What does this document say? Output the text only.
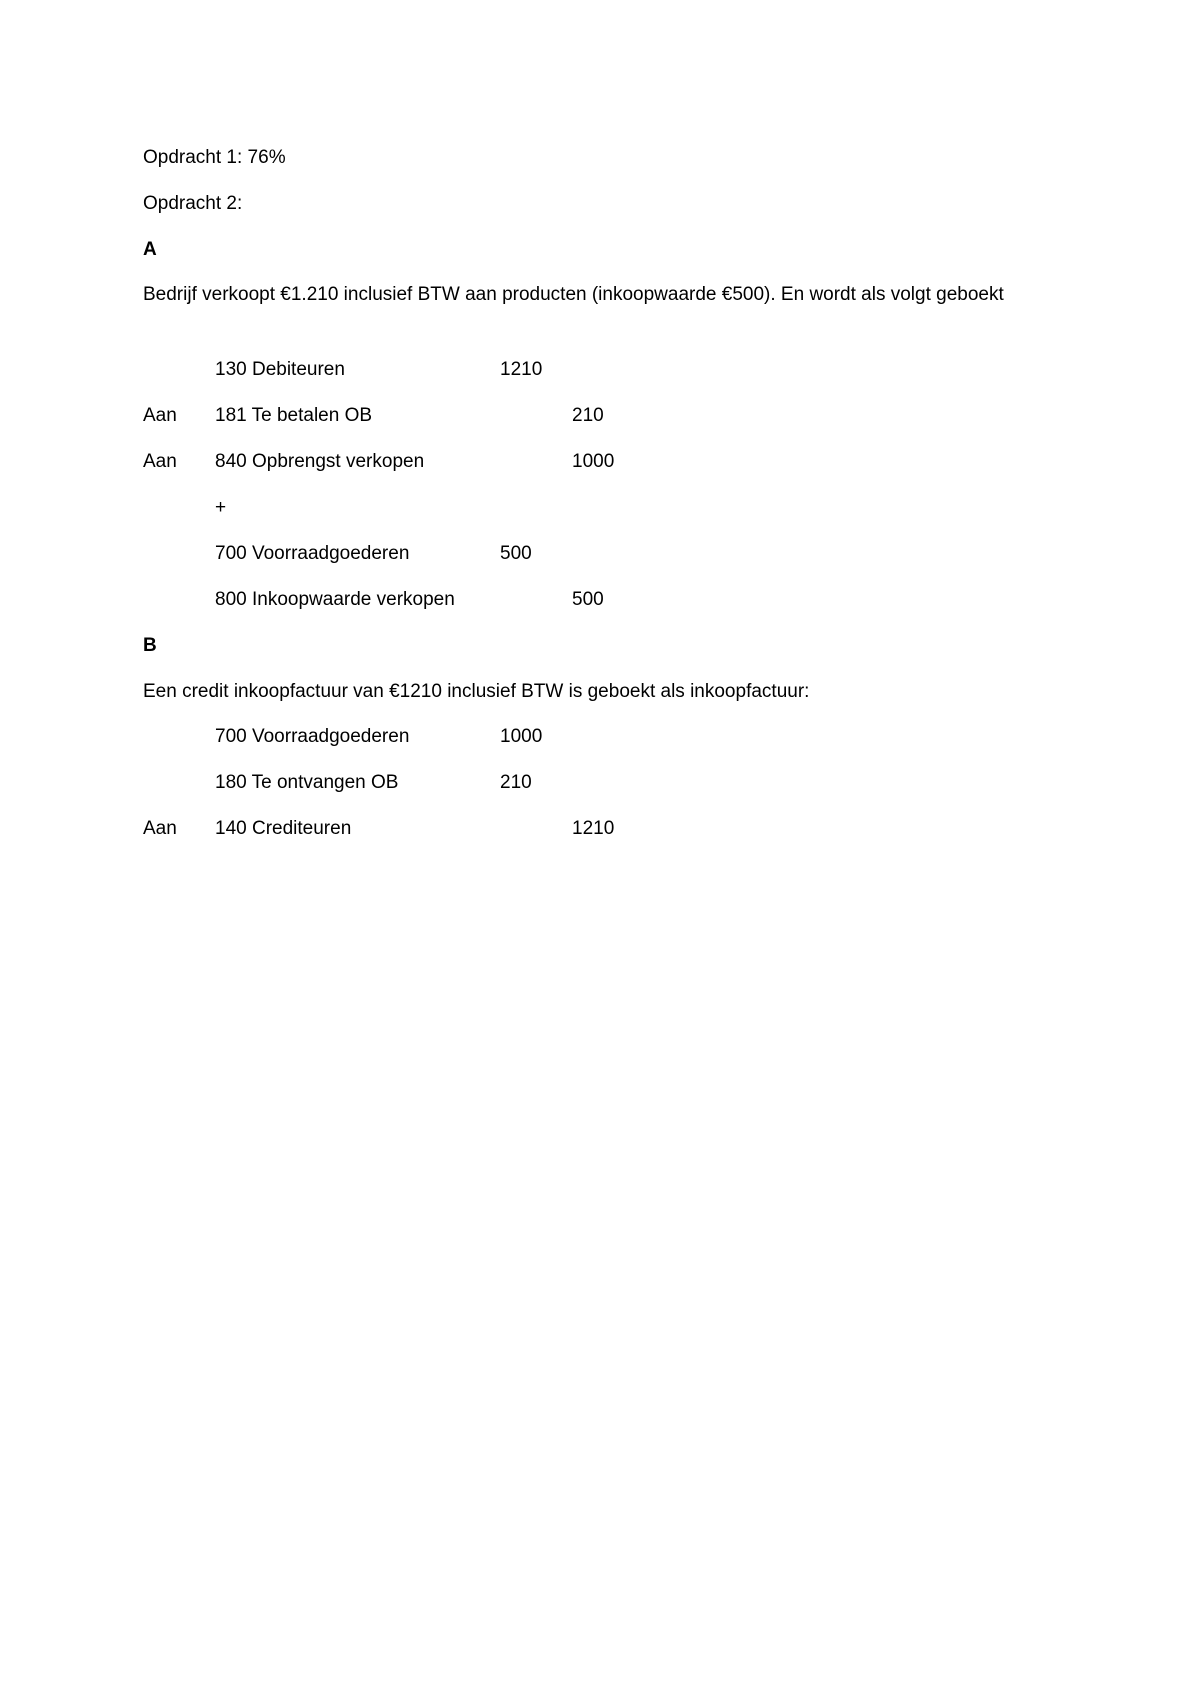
Opdracht 1: 76%
Opdracht 2:
A
Bedrijf verkoopt €1.210 inclusief BTW aan producten (inkoopwaarde €500). En wordt als volgt geboekt
130 Debiteuren	1210
Aan 181 Te betalen OB	210
Aan 840 Opbrengst verkopen	1000
+
700 Voorraadgoederen	500
800 Inkoopwaarde verkopen	500
B
Een credit inkoopfactuur van €1210 inclusief BTW is geboekt als inkoopfactuur:
700 Voorraadgoederen	1000
180 Te ontvangen OB	210
Aan 140 Crediteuren	1210
